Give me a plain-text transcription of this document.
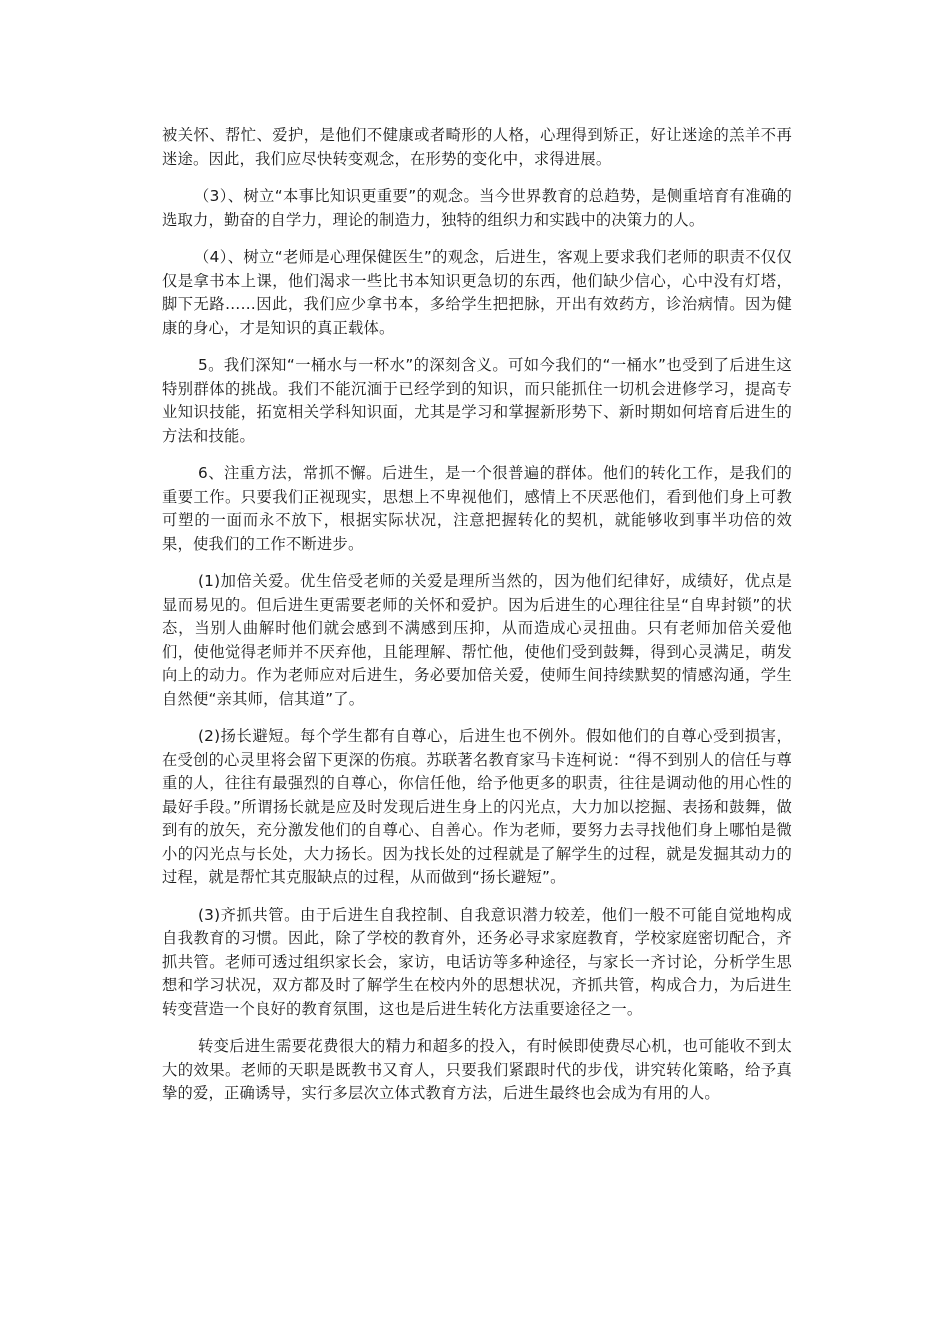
被关怀、帮忙、爱护，是他们不健康或者畸形的人格，心理得到矫正，好让迷途的羔羊不再迷途。因此，我们应尽快转变观念，在形势的变化中，求得进展。

（3）、树立“本事比知识更重要”的观念。当今世界教育的总趋势，是侧重培育有准确的选取力，勤奋的自学力，理论的制造力，独特的组织力和实践中的决策力的人。

（4）、树立“老师是心理保健医生”的观念，后进生，客观上要求我们老师的职责不仅仅仅是拿书本上课，他们渴求一些比书本知识更急切的东西，他们缺少信心，心中没有灯塔，脚下无路……因此，我们应少拿书本，多给学生把把脉，开出有效药方，诊治病情。因为健康的身心，才是知识的真正载体。

5。我们深知“一桶水与一杯水”的深刻含义。可如今我们的“一桶水”也受到了后进生这特别群体的挑战。我们不能沉湎于已经学到的知识，而只能抓住一切机会进修学习，提高专业知识技能，拓宽相关学科知识面，尤其是学习和掌握新形势下、新时期如何培育后进生的方法和技能。

6、注重方法，常抓不懈。后进生，是一个很普遍的群体。他们的转化工作，是我们的重要工作。只要我们正视现实，思想上不卑视他们，感情上不厌恶他们，看到他们身上可教可塑的一面而永不放下，根据实际状况，注意把握转化的契机，就能够收到事半功倍的效果，使我们的工作不断进步。

(1)加倍关爱。优生倍受老师的关爱是理所当然的，因为他们纪律好，成绩好，优点是显而易见的。但后进生更需要老师的关怀和爱护。因为后进生的心理往往呈“自卑封锁”的状态，当别人曲解时他们就会感到不满感到压抑，从而造成心灵扭曲。只有老师加倍关爱他们，使他觉得老师并不厌弃他，且能理解、帮忙他，使他们受到鼓舞，得到心灵满足，萌发向上的动力。作为老师应对后进生，务必要加倍关爱，使师生间持续默契的情感沟通，学生自然便“亲其师，信其道”了。

(2)扬长避短。每个学生都有自尊心，后进生也不例外。假如他们的自尊心受到损害，在受创的心灵里将会留下更深的伤痕。苏联著名教育家马卡连柯说：“得不到别人的信任与尊重的人，往往有最强烈的自尊心，你信任他，给予他更多的职责，往往是调动他的用心性的最好手段。”所谓扬长就是应及时发现后进生身上的闪光点，大力加以挖掘、表扬和鼓舞，做到有的放矢，充分激发他们的自尊心、自善心。作为老师，要努力去寻找他们身上哪怕是微小的闪光点与长处，大力扬长。因为找长处的过程就是了解学生的过程，就是发掘其动力的过程，就是帮忙其克服缺点的过程，从而做到“扬长避短”。

(3)齐抓共管。由于后进生自我控制、自我意识潜力较差，他们一般不可能自觉地构成自我教育的习惯。因此，除了学校的教育外，还务必寻求家庭教育，学校家庭密切配合，齐抓共管。老师可透过组织家长会，家访，电话访等多种途径，与家长一齐讨论，分析学生思想和学习状况，双方都及时了解学生在校内外的思想状况，齐抓共管，构成合力，为后进生转变营造一个良好的教育氛围，这也是后进生转化方法重要途径之一。

转变后进生需要花费很大的精力和超多的投入，有时候即使费尽心机，也可能收不到太大的效果。老师的天职是既教书又育人，只要我们紧跟时代的步伐，讲究转化策略，给予真挚的爱，正确诱导，实行多层次立体式教育方法，后进生最终也会成为有用的人。
